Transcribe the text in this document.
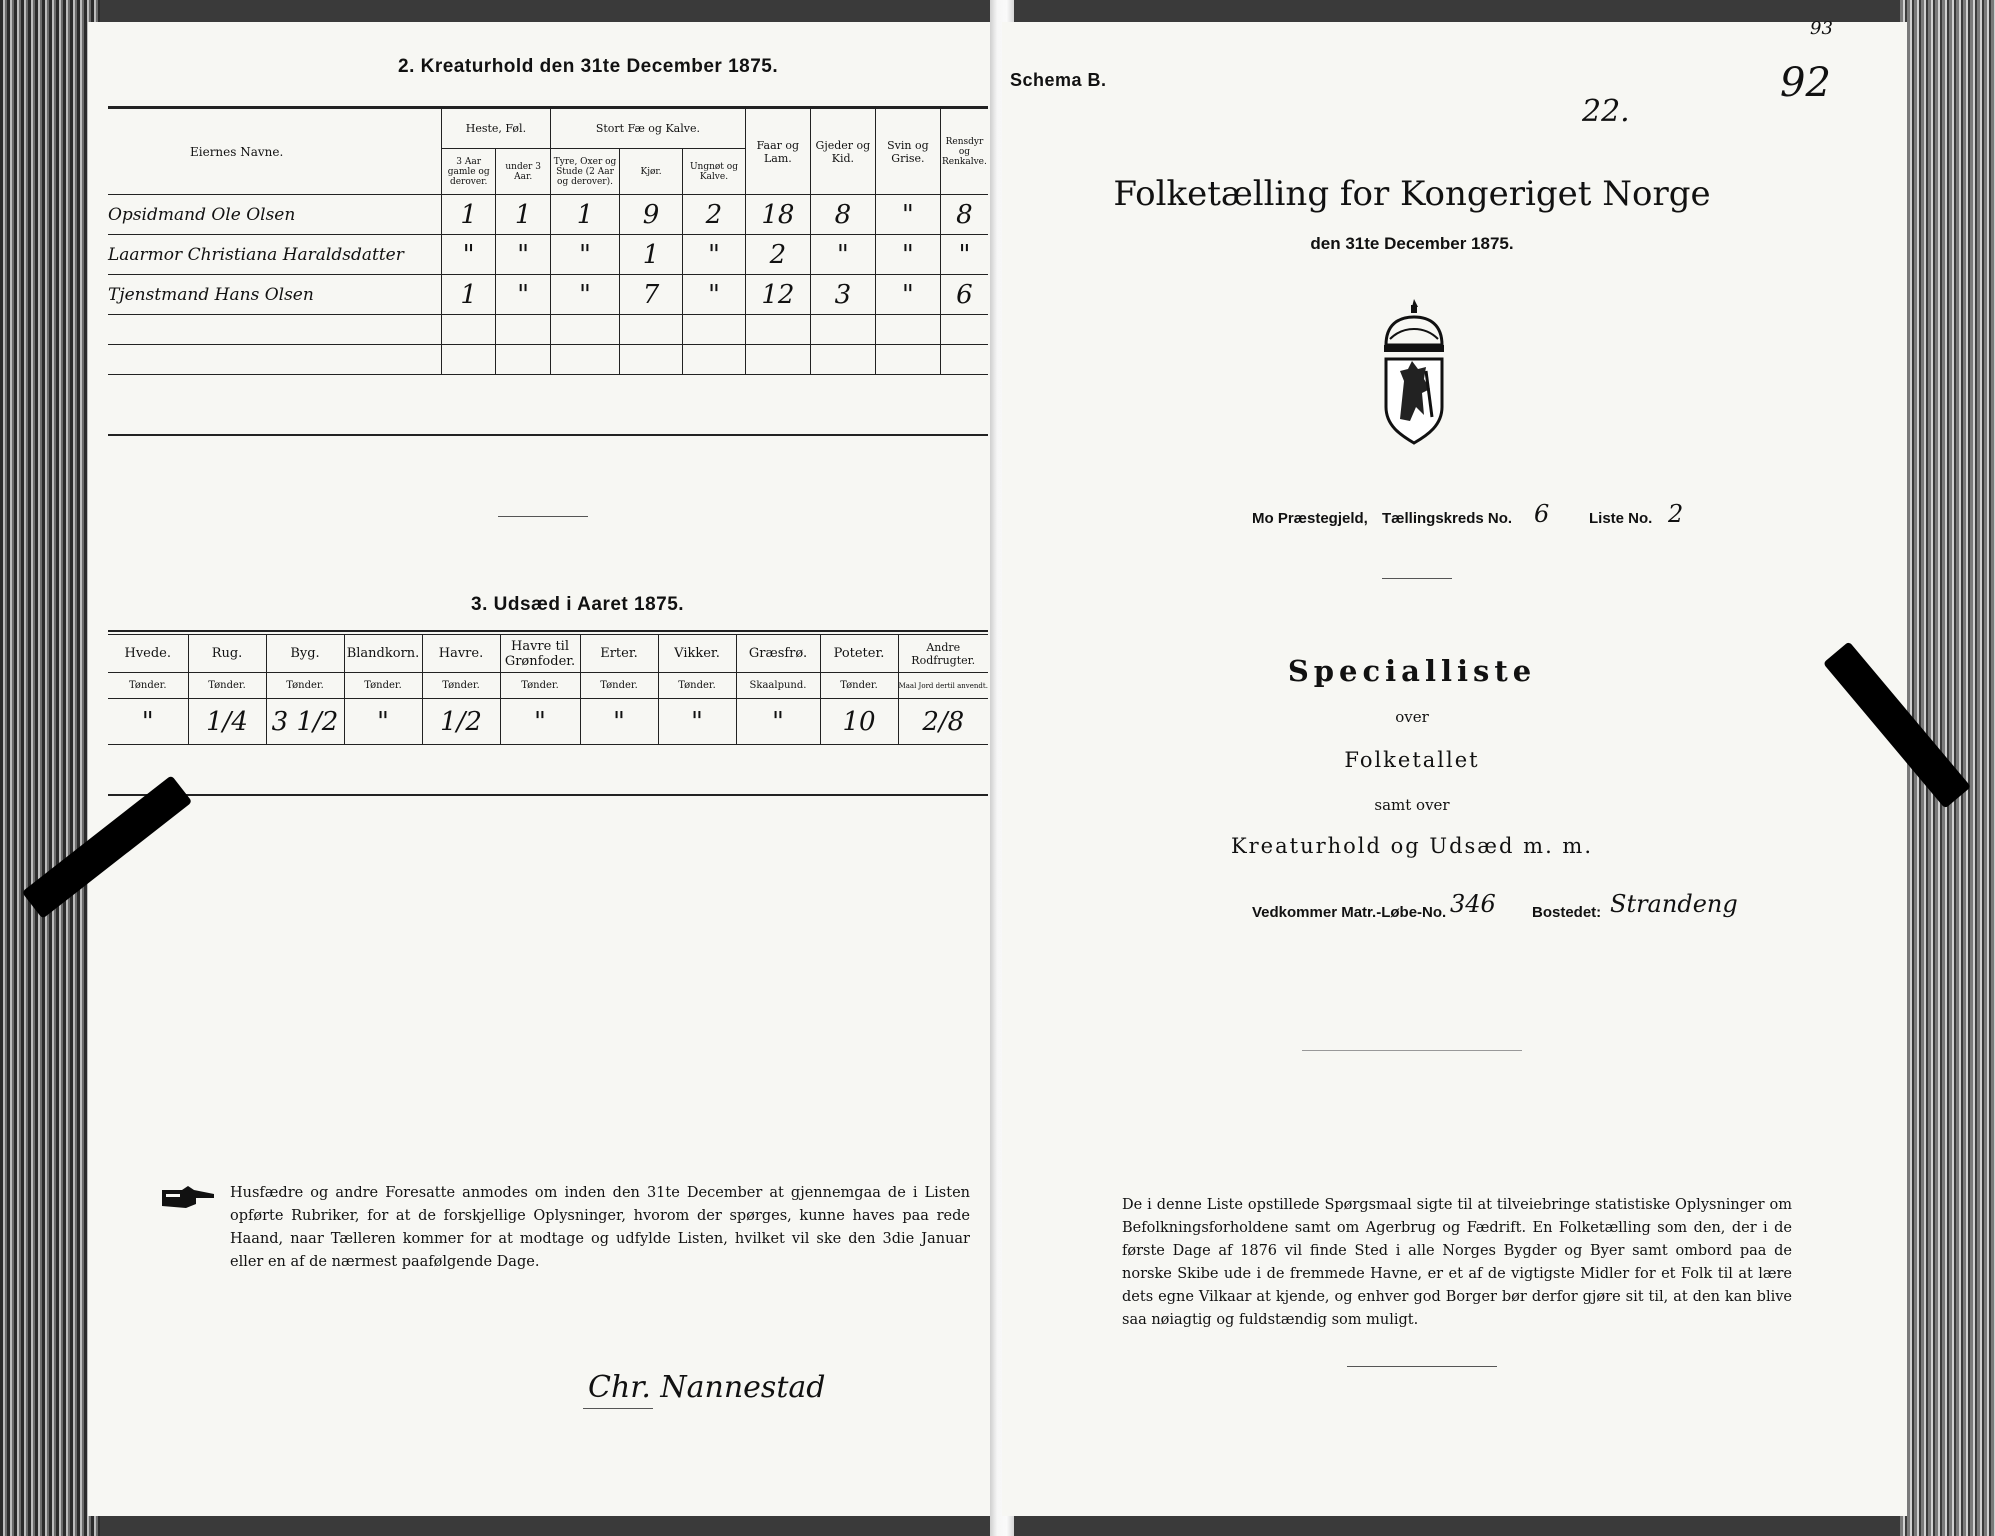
2. Kreaturhold den 31te December 1875.
Eiernes Navne.	Heste, Føl.		Stort Fæ og Kalve.			Faar og Lam.	Gjeder og Kid.	Svin og Grise.	Rensdyr og Renkalve.
	3 Aar gamle og derover.	under 3 Aar.	Tyre, Oxer og Stude (2 Aar og derover).	Kjør.	Ungnøt og Kalve.				
Opsidmand Ole Olsen	1	1	1	9	2	18	8	"	8
Laarmor Christiana Haraldsdatter	"	"	"	1	"	2	"	"	"
Tjenstmand Hans Olsen	1	"	"	7	"	12	3	"	6

3. Udsæd i Aaret 1875.
Hvede.	Rug.	Byg.	Blandkorn.	Havre.	Havre til Grønfoder.	Erter.	Vikker.	Græsfrø.	Poteter.	Andre Rodfrugter.
Tønder.	Tønder.	Tønder.	Tønder.	Tønder.	Tønder.	Tønder.	Tønder.	Skaalpund.	Tønder.	Maal Jord dertil anvendt.
"	1/4	3 1/2	"	1/2	"	"	"	"	10	2/8
Husfædre og andre Foresatte anmodes om inden den 31te December at gjennemgaa de i Listen opførte Rubriker, for at de forskjellige Oplysninger, hvorom der spørges, kunne haves paa rede Haand, naar Tælleren kommer for at modtage og udfylde Listen, hvilket vil ske den 3die Januar eller en af de nærmest paafølgende Dage.
Chr. Nannestad
Schema B.
22.
92
93
Folketælling for Kongeriget Norge
den 31te December 1875.
Mo Præstegjeld, Tællingskreds No. 6	Liste No. 2
Specialliste
over
Folketallet
samt over
Kreaturhold og Udsæd m. m.
Vedkommer Matr.-Løbe-No. 346 Bostedet: Strandeng
De i denne Liste opstillede Spørgsmaal sigte til at tilveiebringe statistiske Oplysninger om Befolkningsforholdene samt om Agerbrug og Fædrift. En Folketælling som den, der i de første Dage af 1876 vil finde Sted i alle Norges Bygder og Byer samt ombord paa de norske Skibe ude i de fremmede Havne, er et af de vigtigste Midler for et Folk til at lære dets egne Vilkaar at kjende, og enhver god Borger bør derfor gjøre sit til, at den kan blive saa nøiagtig og fuldstændig som muligt.
